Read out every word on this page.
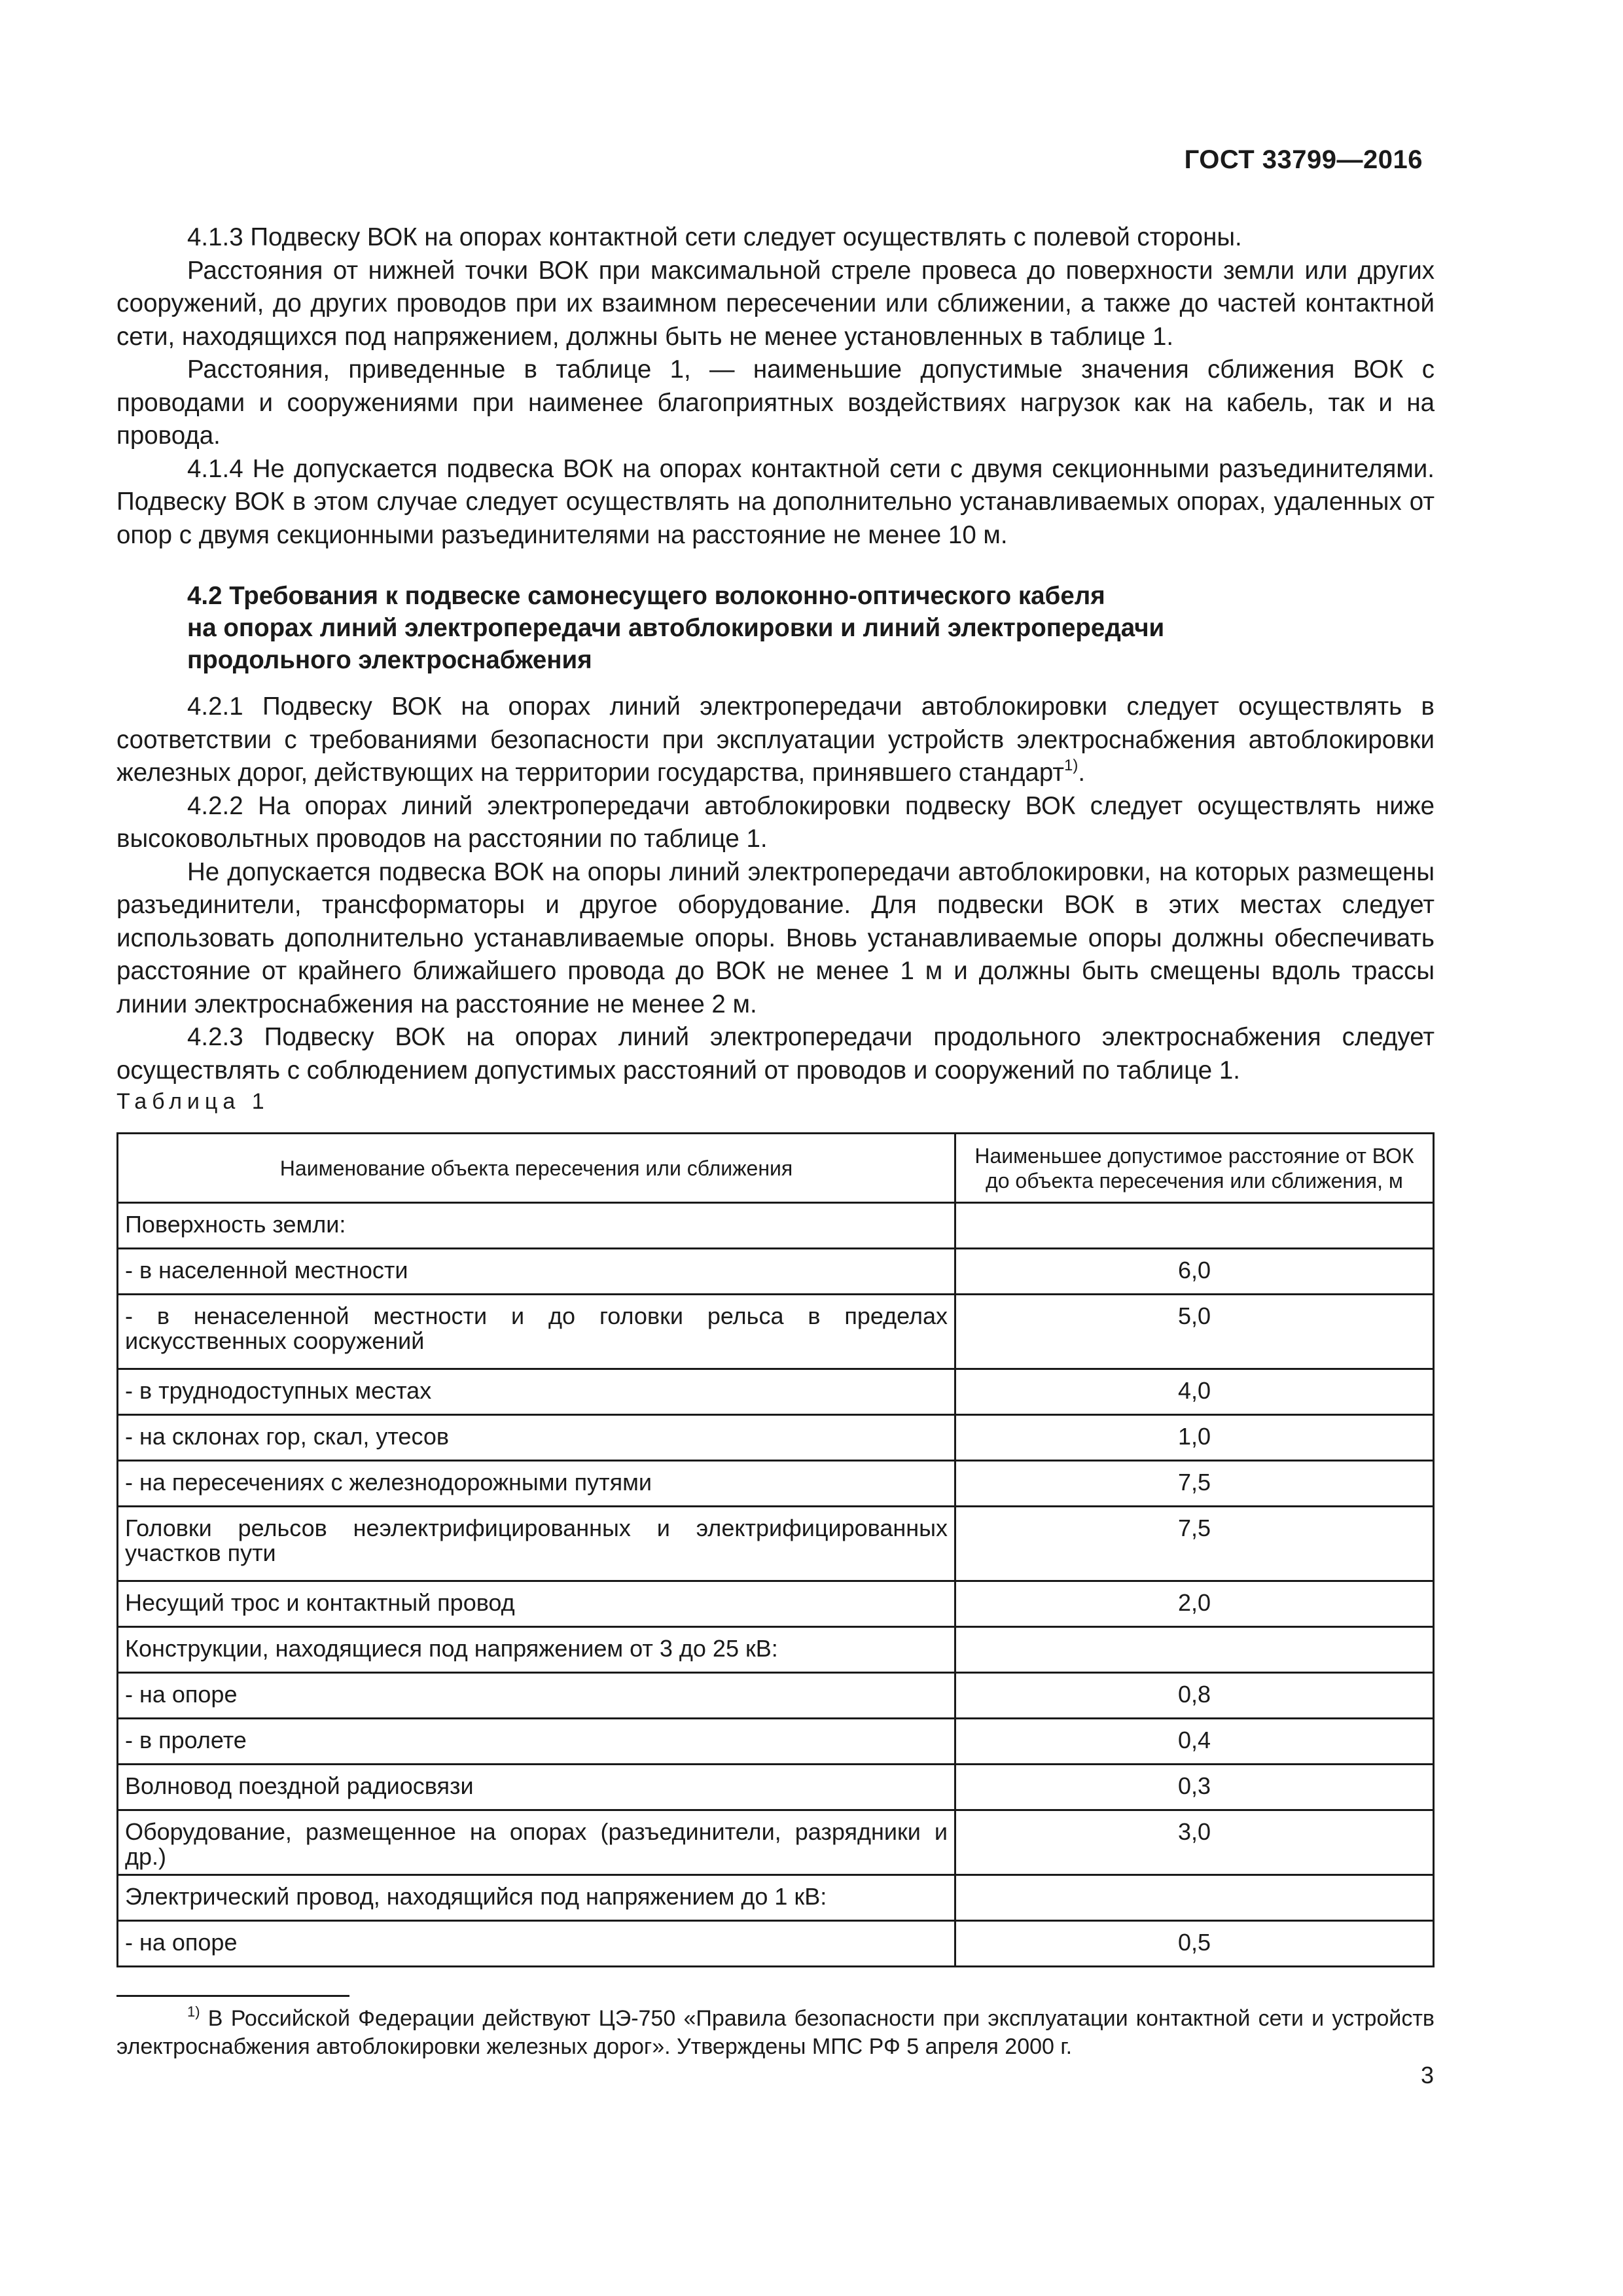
ГОСТ 33799—2016

4.1.3 Подвеску ВОК на опорах контактной сети следует осуществлять с полевой стороны.

Расстояния от нижней точки ВОК при максимальной стреле провеса до поверхности земли или других сооружений, до других проводов при их взаимном пересечении или сближении, а также до частей контактной сети, находящихся под напряжением, должны быть не менее установленных в таблице 1.

Расстояния, приведенные в таблице 1, — наименьшие допустимые значения сближения ВОК с проводами и сооружениями при наименее благоприятных воздействиях нагрузок как на кабель, так и на провода.

4.1.4 Не допускается подвеска ВОК на опорах контактной сети с двумя секционными разъединителями. Подвеску ВОК в этом случае следует осуществлять на дополнительно устанавливаемых опорах, удаленных от опор с двумя секционными разъединителями на расстояние не менее 10 м.

4.2 Требования к подвеске самонесущего волоконно-оптического кабеля
на опорах линий электропередачи автоблокировки и линий электропередачи
продольного электроснабжения

4.2.1 Подвеску ВОК на опорах линий электропередачи автоблокировки следует осуществлять в соответствии с требованиями безопасности при эксплуатации устройств электроснабжения автоблокировки железных дорог, действующих на территории государства, принявшего стандарт$^{1)}$.

4.2.2 На опорах линий электропередачи автоблокировки подвеску ВОК следует осуществлять ниже высоковольтных проводов на расстоянии по таблице 1.

Не допускается подвеска ВОК на опоры линий электропередачи автоблокировки, на которых размещены разъединители, трансформаторы и другое оборудование. Для подвески ВОК в этих местах следует использовать дополнительно устанавливаемые опоры. Вновь устанавливаемые опоры должны обеспечивать расстояние от крайнего ближайшего провода до ВОК не менее 1 м и должны быть смещены вдоль трассы линии электроснабжения на расстояние не менее 2 м.

4.2.3 Подвеску ВОК на опорах линий электропередачи продольного электроснабжения следует осуществлять с соблюдением допустимых расстояний от проводов и сооружений по таблице 1.

Таблица 1
Наименование объекта пересечения или сближения	Наименьшее допустимое расстояние от ВОК
до объекта пересечения или сближения, м
Поверхность земли:	
- в населенной местности	6,0
- в ненаселенной местности и до головки рельса в пределах искусственных сооружений	5,0
- в труднодоступных местах	4,0
- на склонах гор, скал, утесов	1,0
- на пересечениях с железнодорожными путями	7,5
Головки рельсов неэлектрифицированных и электрифицированных участков пути	7,5
Несущий трос и контактный провод	2,0
Конструкции, находящиеся под напряжением от 3 до 25 кВ:	
- на опоре	0,8
- в пролете	0,4
Волновод поездной радиосвязи	0,3
Оборудование, размещенное на опорах (разъединители, разрядники и др.)	3,0
Электрический провод, находящийся под напряжением до 1 кВ:	
- на опоре	0,5
$^{1)}$ В Российской Федерации действуют ЦЭ-750 «Правила безопасности при эксплуатации контактной сети и устройств электроснабжения автоблокировки железных дорог». Утверждены МПС РФ 5 апреля 2000 г.
3
